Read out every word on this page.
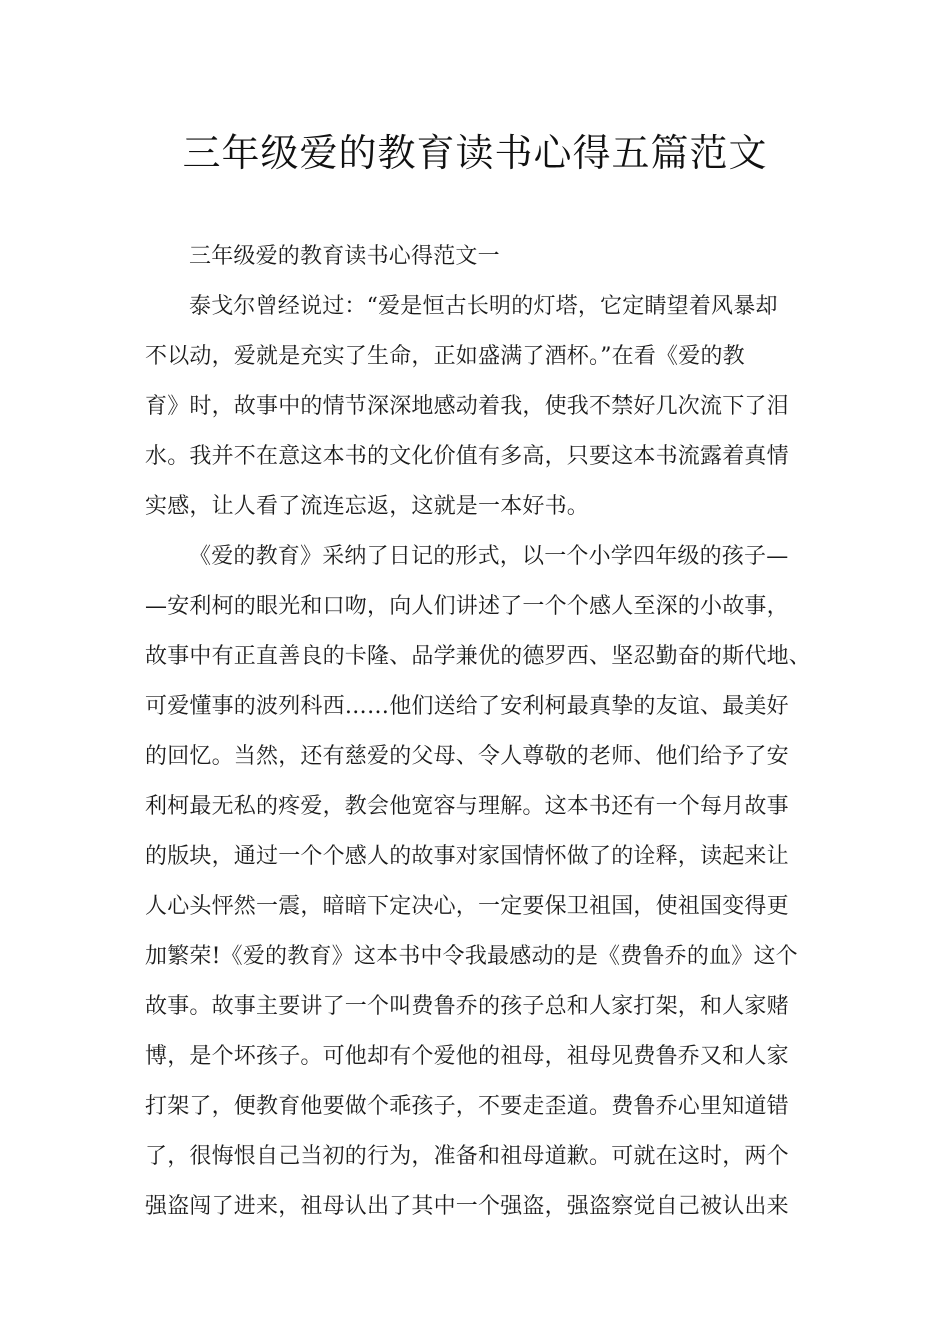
三年级爱的教育读书心得五篇范文
三年级爱的教育读书心得范文一
泰戈尔曾经说过：“爱是恒古长明的灯塔，它定睛望着风暴却
不以动，爱就是充实了生命，正如盛满了酒杯。”在看《爱的教
育》时，故事中的情节深深地感动着我，使我不禁好几次流下了泪
水。我并不在意这本书的文化价值有多高，只要这本书流露着真情
实感，让人看了流连忘返，这就是一本好书。
《爱的教育》采纳了日记的形式，以一个小学四年级的孩子—
—安利柯的眼光和口吻，向人们讲述了一个个感人至深的小故事，
故事中有正直善良的卡隆、品学兼优的德罗西、坚忍勤奋的斯代地、
可爱懂事的波列科西……他们送给了安利柯最真挚的友谊、最美好
的回忆。当然，还有慈爱的父母、令人尊敬的老师、他们给予了安
利柯最无私的疼爱，教会他宽容与理解。这本书还有一个每月故事
的版块，通过一个个感人的故事对家国情怀做了的诠释，读起来让
人心头怦然一震，暗暗下定决心，一定要保卫祖国，使祖国变得更
加繁荣!《爱的教育》这本书中令我最感动的是《费鲁乔的血》这个
故事。故事主要讲了一个叫费鲁乔的孩子总和人家打架，和人家赌
博，是个坏孩子。可他却有个爱他的祖母，祖母见费鲁乔又和人家
打架了，便教育他要做个乖孩子，不要走歪道。费鲁乔心里知道错
了，很悔恨自己当初的行为，准备和祖母道歉。可就在这时，两个
强盗闯了进来，祖母认出了其中一个强盗，强盗察觉自己被认出来
